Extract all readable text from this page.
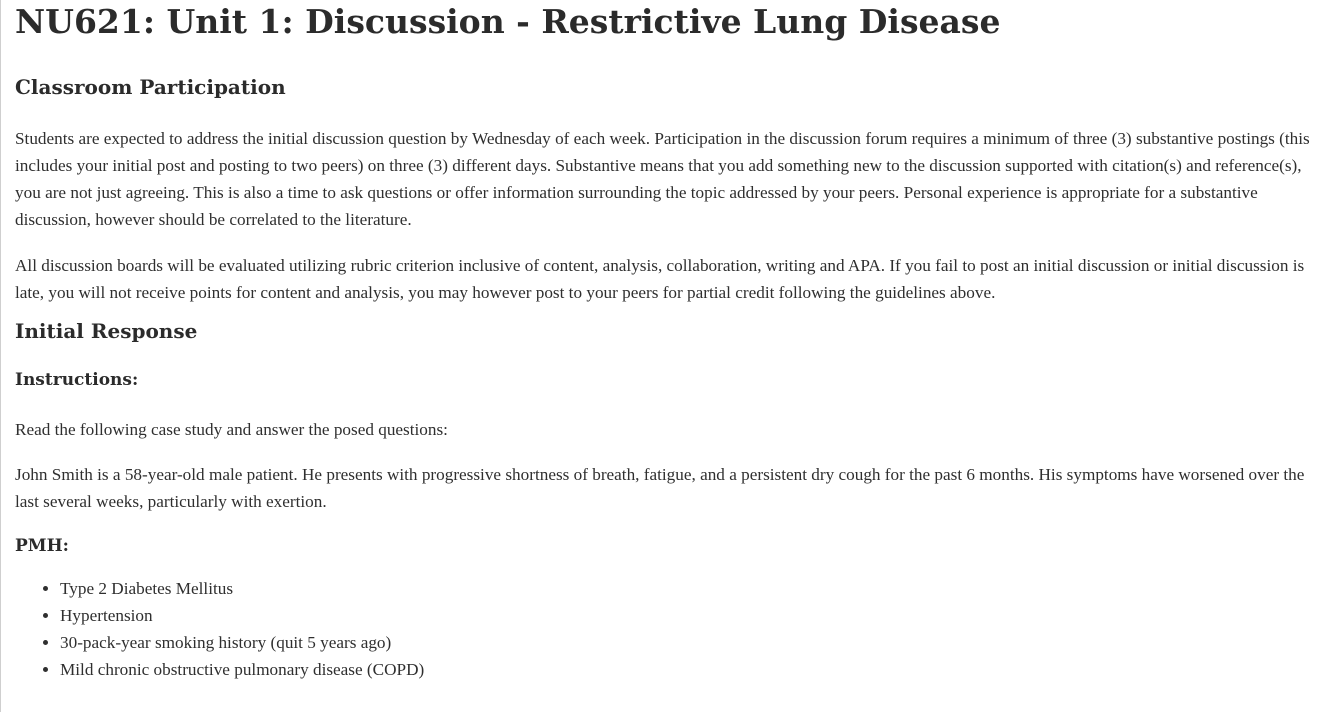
NU621: Unit 1: Discussion - Restrictive Lung Disease
Classroom Participation

Students are expected to address the initial discussion question by Wednesday of each week. Participation in the discussion forum requires a minimum of three (3) substantive postings (this includes your initial post and posting to two peers) on three (3) different days. Substantive means that you add something new to the discussion supported with citation(s) and reference(s), you are not just agreeing. This is also a time to ask questions or offer information surrounding the topic addressed by your peers. Personal experience is appropriate for a substantive discussion, however should be correlated to the literature.

All discussion boards will be evaluated utilizing rubric criterion inclusive of content, analysis, collaboration, writing and APA. If you fail to post an initial discussion or initial discussion is late, you will not receive points for content and analysis, you may however post to your peers for partial credit following the guidelines above.

Initial Response
Instructions:

Read the following case study and answer the posed questions:

John Smith is a 58-year-old male patient. He presents with progressive shortness of breath, fatigue, and a persistent dry cough for the past 6 months. His symptoms have worsened over the last several weeks, particularly with exertion.

PMH:
• Type 2 Diabetes Mellitus
• Hypertension
• 30-pack-year smoking history (quit 5 years ago)
• Mild chronic obstructive pulmonary disease (COPD)
